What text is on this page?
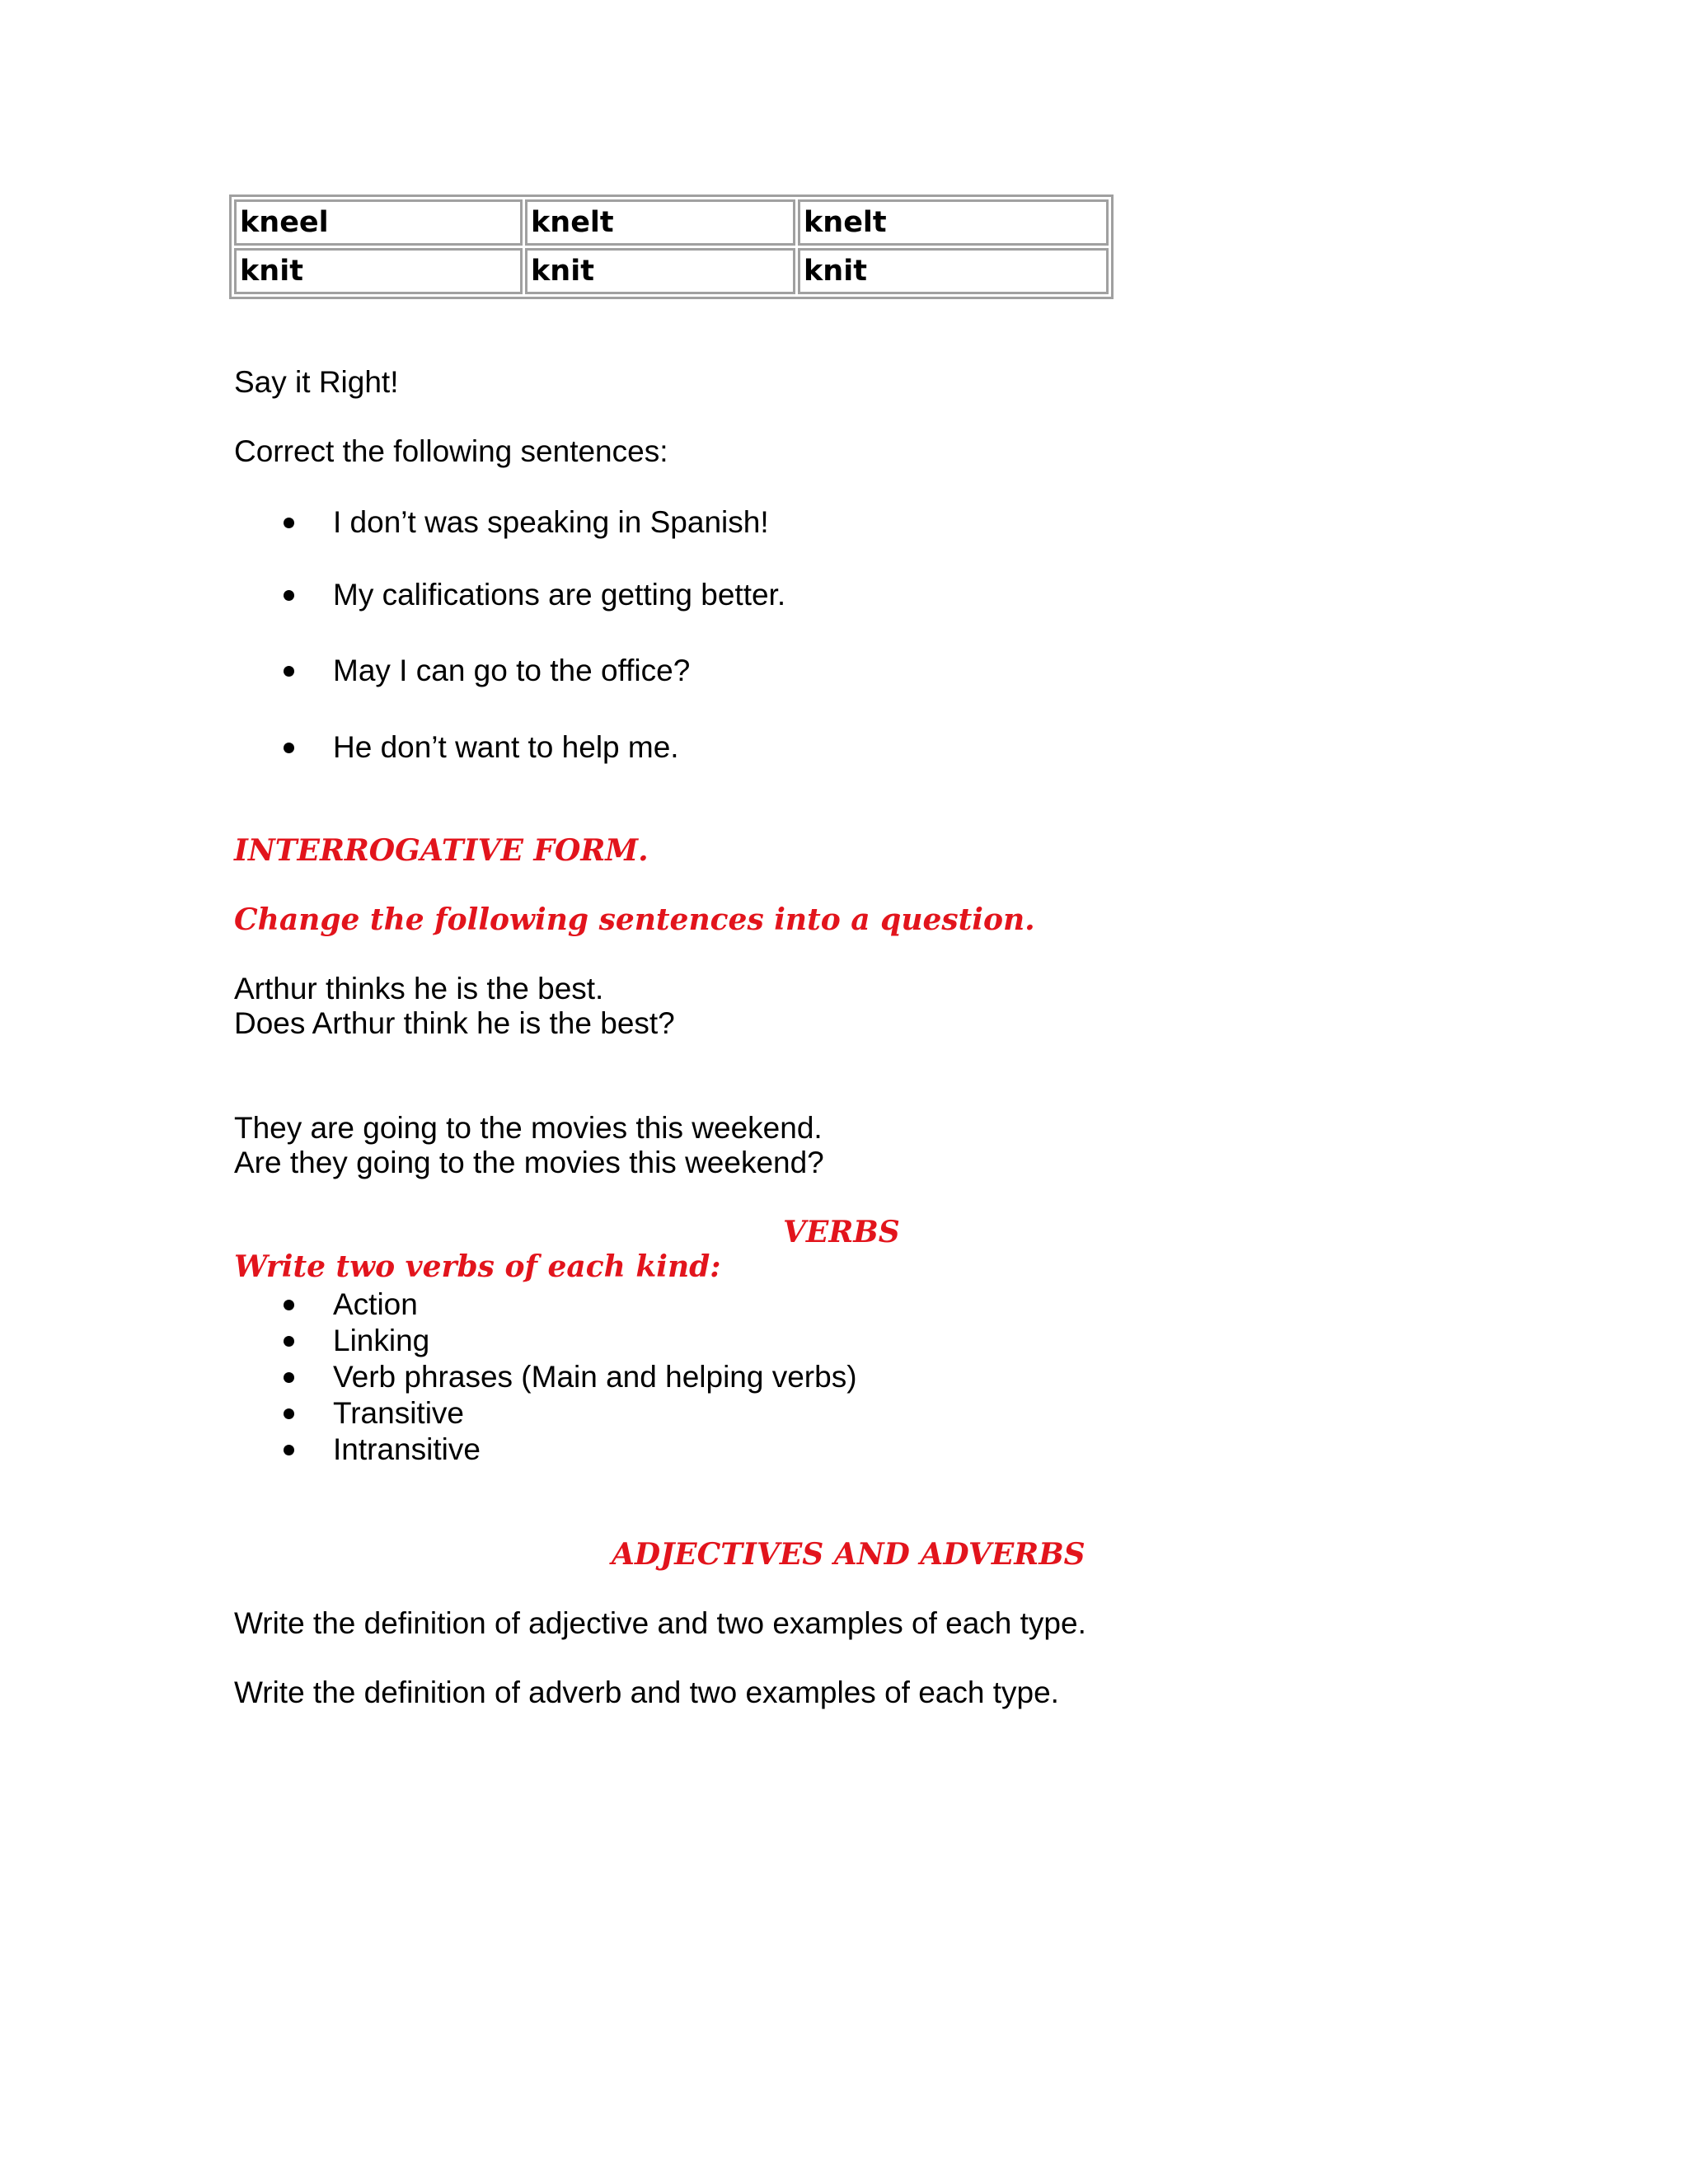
kneel	knelt	knelt
knit	knit	knit
Say it Right!
Correct the following sentences:
I don’t was speaking in Spanish!
My califications are getting better.
May I can go to the office?
He don’t want to help me.
INTERROGATIVE FORM.
Change the following sentences into a question.
Arthur thinks he is the best.
Does Arthur think he is the best?
They are going to the movies this weekend.
Are they going to the movies this weekend?
VERBS
Write two verbs of each kind:
Action
Linking
Verb phrases (Main and helping verbs)
Transitive
Intransitive
ADJECTIVES AND ADVERBS
Write the definition of adjective and two examples of each type.
Write the definition of adverb and two examples of each type.
